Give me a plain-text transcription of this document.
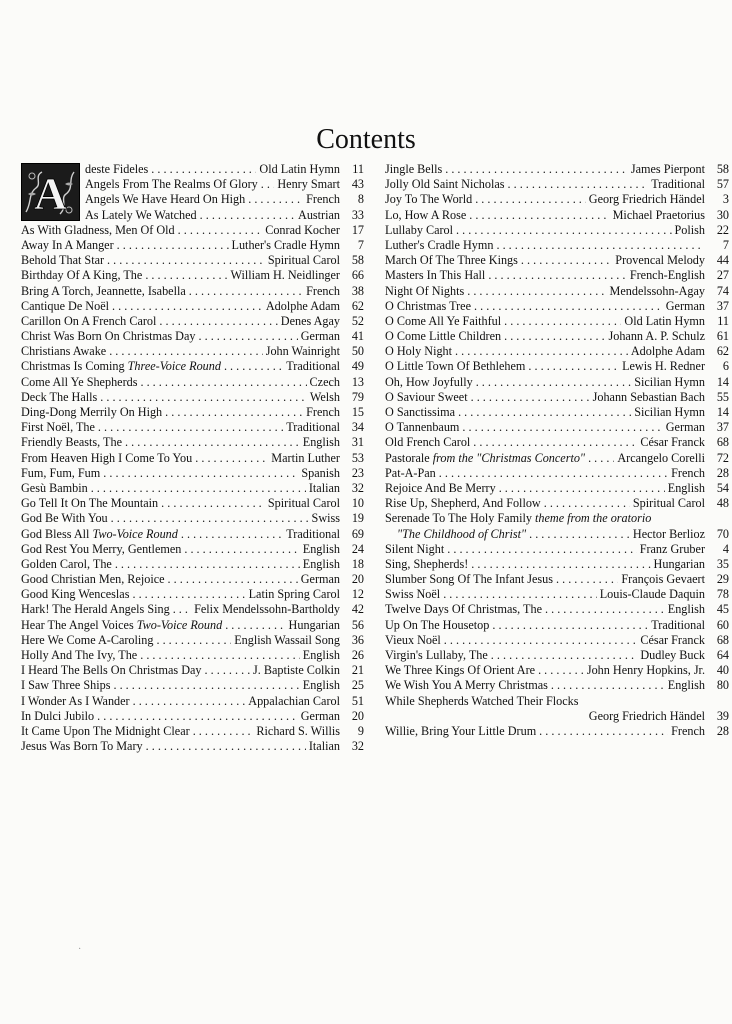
Contents
A deste Fideles . . .	Old Latin Hymn	11
Angels From The Realms Of Glory . . . Henry Smart 43
Angels We Have Heard On High . . .	French	8
As Lately We Watched . . .	Austrian 33
As With Gladness, Men Of Old . . .	Conrad Kocher 17
Away In A Manger . . .	Luther's Cradle Hymn	7
Behold That Star . . .	Spiritual Carol 58
Birthday Of A King, The . . .	William H. Neidlinger 66
Bring A Torch, Jeannette, Isabella . . .	French 38
Cantique De Noël . . .	Adolphe Adam 62
Carillon On A French Carol . . .	Denes Agay 52
Christ Was Born On Christmas Day . . .	German 41
Christians Awake . . .	John Wainright 50
Christmas Is Coming Three-Voice Round . . .	Traditional 49
Come All Ye Shepherds . . .	Czech 13
Deck The Halls . . .	Welsh 79
Ding-Dong Merrily On High . . .	French 15
First Noël, The . . .	Traditional 34
Friendly Beasts, The . . .	English 31
From Heaven High I Come To You . . .	Martin Luther 53
Fum, Fum, Fum . . .	Spanish 23
Gesù Bambin . . .	Italian 32
Go Tell It On The Mountain . . .	Spiritual Carol 10
God Be With You . . .	Swiss 19
God Bless All Two-Voice Round . . .	Traditional 69
God Rest You Merry, Gentlemen . . .	English 24
Golden Carol, The . . .	English 18
Good Christian Men, Rejoice . . .	German 20
Good King Wenceslas . . .	Latin Spring Carol 12
Hark! The Herald Angels Sing . . . Felix Mendelssohn-Bartholdy 42
Hear The Angel Voices Two-Voice Round . . .	Hungarian 56
Here We Come A-Caroling . . .	English Wassail Song 36
Holly And The Ivy, The . . .	English 26
I Heard The Bells On Christmas Day . . .	J. Baptiste Colkin 21
I Saw Three Ships . . .	English 25
I Wonder As I Wander . . .	Appalachian Carol 51
In Dulci Jubilo . . .	German 20
It Came Upon The Midnight Clear . . .	Richard S. Willis	9
Jesus Was Born To Mary . . .	Italian 32
Jingle Bells . . .	James Pierpont 58
Jolly Old Saint Nicholas . . .	Traditional 57
Joy To The World . . .	Georg Friedrich Händel	3
Lo, How A Rose . . .	Michael Praetorius 30
Lullaby Carol . . .	Polish 22
Luther's Cradle Hymn . . .	7
March Of The Three Kings . . .	Provencal Melody 44
Masters In This Hall . . .	French-English 27
Night Of Nights . . .	Mendelssohn-Agay 74
O Christmas Tree . . .	German 37
O Come All Ye Faithful . . .	Old Latin Hymn	11
O Come Little Children . . .	Johann A. P. Schulz 61
O Holy Night . . .	Adolphe Adam 62
O Little Town Of Bethlehem . . .	Lewis H. Redner	6
Oh, How Joyfully . . .	Sicilian Hymn 14
O Saviour Sweet . . .	Johann Sebastian Bach 55
O Sanctissima . . .	Sicilian Hymn 14
O Tannenbaum . . .	German 37
Old French Carol . . .	César Franck 68
Pastorale from the "Christmas Concerto" . . .	Arcangelo Corelli 72
Pat-A-Pan . . .	French 28
Rejoice And Be Merry . . .	English 54
Rise Up, Shepherd, And Follow . . .	Spiritual Carol 48
Serenade To The Holy Family theme from the oratorio
"The Childhood of Christ" . . .	Hector Berlioz 70
Silent Night . . .	Franz Gruber	4
Sing, Shepherds! . . .	Hungarian 35
Slumber Song Of The Infant Jesus . . .	François Gevaert 29
Swiss Noël . . .	Louis-Claude Daquin 78
Twelve Days Of Christmas, The . . .	English 45
Up On The Housetop . . .	Traditional 60
Vieux Noël . . .	César Franck 68
Virgin's Lullaby, The . . .	Dudley Buck 64
We Three Kings Of Orient Are . . .	John Henry Hopkins, Jr. 40
We Wish You A Merry Christmas . . .	English 80
While Shepherds Watched Their Flocks
Georg Friedrich Händel 39
Willie, Bring Your Little Drum . . .	French 28
·
